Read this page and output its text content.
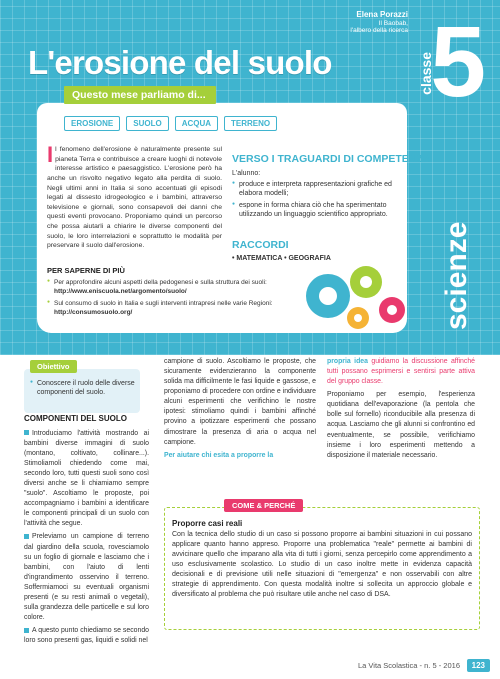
Elena Porazzi
Il Baobab,
l'albero della ricerca
L'erosione del suolo 5
classe
scienze
Questo mese parliamo di...
EROSIONE	SUOLO	ACQUA	TERRENO
Il fenomeno dell'erosione è naturalmente presente sul pianeta Terra e contribuisce a creare luoghi di notevole interesse artistico e paesaggistico. L'erosione però ha anche un risvolto negativo legato alla perdita di suolo. Negli ultimi anni in Italia si sono accentuati gli episodi legati al dissesto idrogeologico e i bambini, attraverso televisione e giornali, sono consapevoli dei danni che questi eventi provocano. Proponiamo quindi un percorso che possa aiutarli a chiarire le diverse componenti del suolo, le loro interrelazioni e soprattutto le modalità per preservare il suolo dall'erosione.
VERSO I TRAGUARDI DI COMPETENZA
L'alunno:
● produce e interpreta rappresentazioni grafiche ed elabora modelli;
● espone in forma chiara ciò che ha sperimentato utilizzando un linguaggio scientifico appropriato.
RACCORDI
• MATEMATICA • GEOGRAFIA
PER SAPERNE DI PIÙ
● Per approfondire alcuni aspetti della pedogenesi e sulla struttura dei suoli: http://www.eniscuola.net/argomento/suolo/
● Sul consumo di suolo in Italia e sugli interventi intrapresi nelle varie Regioni: http://consumosuolo.org/
Obiettivo
● Conoscere il ruolo delle diverse componenti del suolo.
COMPONENTI DEL SUOLO

Introduciamo l'attività mostrando ai bambini diverse immagini di suolo (montano, coltivato, collinare...). Stimoliamoli chiedendo come mai, secondo loro, tutti questi suoli sono così diversi anche se li chiamiamo sempre "suolo". Ascoltiamo le proposte, poi accompagniamo i bambini a identificare le componenti principali di un suolo con l'attività che segue.

Preleviamo un campione di terreno dal giardino della scuola, rovesciamolo su un foglio di giornale e lasciamo che i bambini, con l'aiuto di lenti d'ingrandimento osservino il terreno. Soffermiamoci su eventuali organismi presenti (e su resti animali o vegetali), sulla grandezza delle particelle e sul loro colore.

A questo punto chiediamo se secondo loro sono presenti gas, liquidi e solidi nel

campione di suolo. Ascoltiamo le proposte, che sicuramente evidenzieranno la componente solida ma difficilmente le fasi liquide e gassose, e proponiamo di procedere con ordine e individuare alcuni esperimenti che verifichino le nostre ipotesi: stimoliamo quindi i bambini affinché provino a ipotizzare esperimenti che possano dimostrare la presenza di aria o acqua nel campione.

Per aiutare chi esita a proporre la

propria idea guidiamo la discussione affinché tutti possano esprimersi e sentirsi parte attiva del gruppo classe.

Proponiamo per esempio, l'esperienza quotidiana dell'evaporazione (la pentola che bolle sul fornello) riconducibile alla presenza di acqua. Lasciamo che gli alunni si confrontino ed eventualmente, se possibile, verifichiamo insieme i loro esperimenti mettendo a disposizione il materiale necessario.

COME & PERCHÉ
Proporre casi reali
Con la tecnica dello studio di un caso si possono proporre ai bambini situazioni in cui possano applicare quanto hanno appreso. Proporre una problematica "reale" permette ai bambini di avvicinare quello che imparano alla vita di tutti i giorni, senza percepirlo come apprendimento a uso esclusivamente scolastico. Lo studio di un caso inoltre mette in evidenza capacità decisionali e di previsione utili nelle situazioni di "emergenza" e non osservabili con altre strategie di apprendimento. Con questa modalità inoltre si sollecita un approccio globale e diversificato al problema che può risultare utile anche nel caso di DSA.
La Vita Scolastica - n. 5 - 2016	123
